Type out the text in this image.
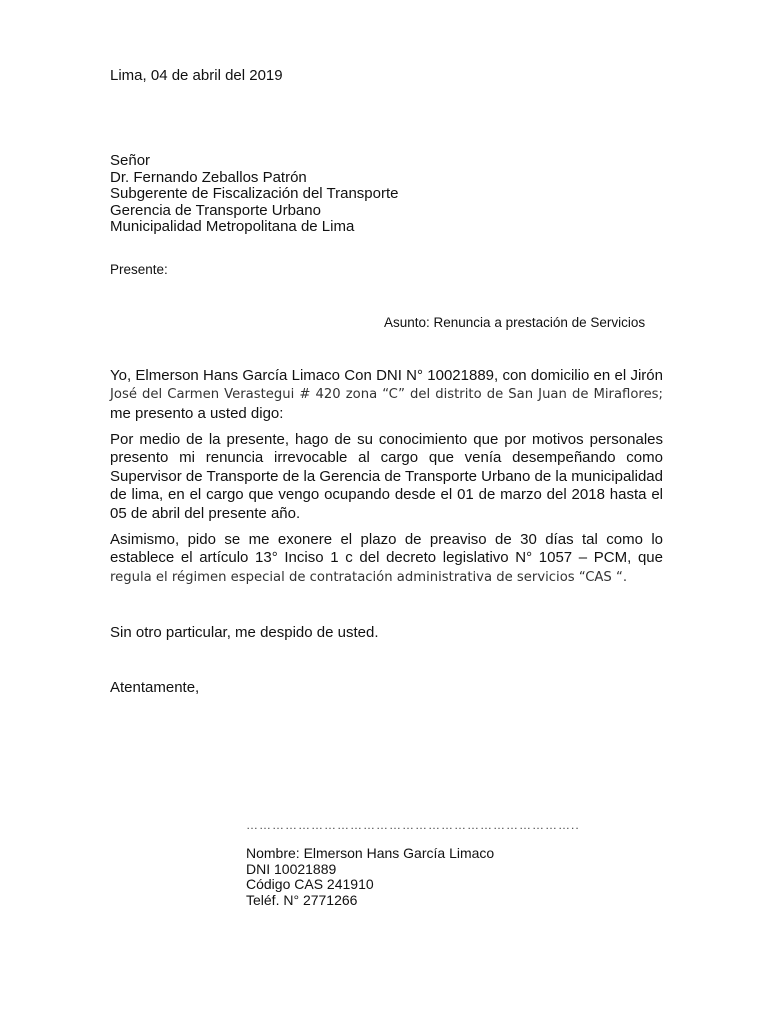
Lima, 04 de abril del 2019

Señor
Dr. Fernando Zeballos Patrón
Subgerente de Fiscalización del Transporte
Gerencia de Transporte Urbano
Municipalidad Metropolitana de Lima

Presente:

Asunto: Renuncia a prestación de Servicios

Yo, Elmerson Hans García Limaco Con DNI N° 10021889, con domicilio en el Jirón José del Carmen Verastegui # 420 zona “C” del distrito de San Juan de Miraflores; me presento a usted digo:

Por medio de la presente, hago de su conocimiento que por motivos personales presento mi renuncia irrevocable al cargo que venía desempeñando como Supervisor de Transporte de la Gerencia de Transporte Urbano de la municipalidad de lima, en el cargo que vengo ocupando desde el 01 de marzo del 2018 hasta el 05 de abril del presente año.

Asimismo, pido se me exonere el plazo de preaviso de 30 días tal como lo establece el artículo 13° Inciso 1 c del decreto legislativo N° 1057 – PCM, que regula el régimen especial de contratación administrativa de servicios “CAS “.

Sin otro particular, me despido de usted.

Atentamente,

…………………………………………………………………..

Nombre: Elmerson Hans García Limaco
DNI 10021889
Código CAS 241910
Teléf. N° 2771266
